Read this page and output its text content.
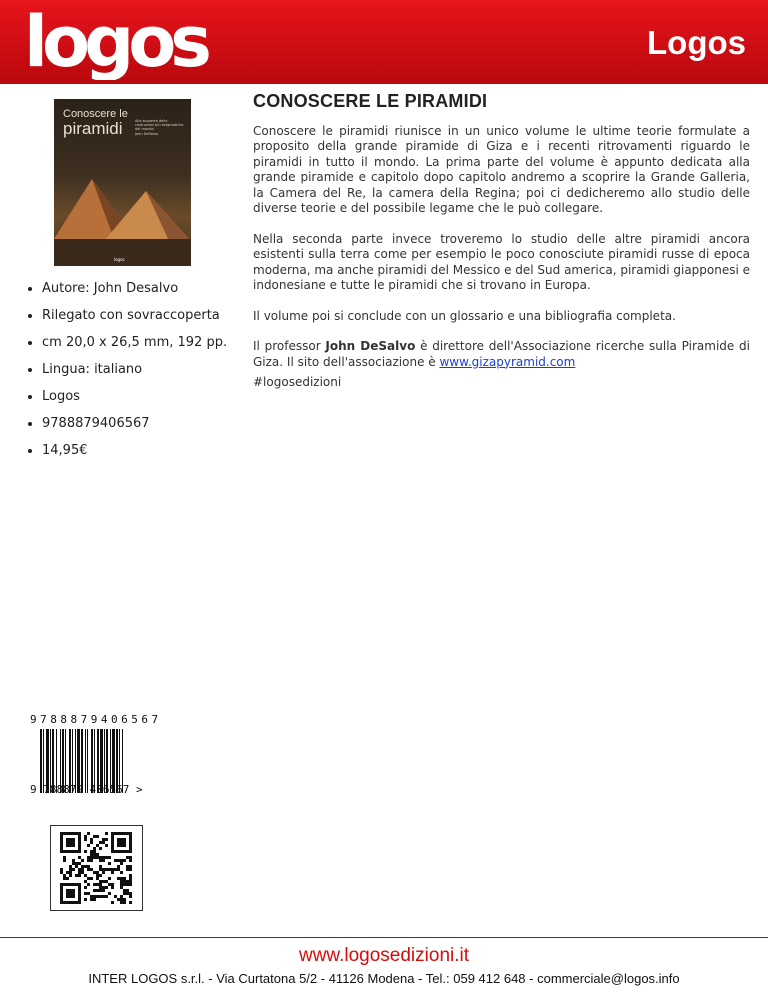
logos	Logos
Conoscere le
piramidi	Alla scoperta delle costruzioni più enigmatiche del mondo
John DeSalvo
logos
• Autore: John Desalvo
• Rilegato con sovraccoperta
• cm 20,0 x 26,5 mm, 192 pp.
• Lingua: italiano
• Logos
• 9788879406567
• 14,95€
CONOSCERE LE PIRAMIDI

Conoscere le piramidi riunisce in un unico volume le ultime teorie formulate a proposito della grande piramide di Giza e i recenti ritrovamenti riguardo le piramidi in tutto il mondo. La prima parte del volume è appunto dedicata alla grande piramide e capitolo dopo capitolo andremo a scoprire la Grande Galleria, la Camera del Re, la camera della Regina; poi ci dedicheremo allo studio delle diverse teorie e del possibile legame che le può collegare.

Nella seconda parte invece troveremo lo studio delle altre piramidi ancora esistenti sulla terra come per esempio le poco conosciute piramidi russe di epoca moderna, ma anche piramidi del Messico e del Sud america, piramidi giapponesi e indonesiane e tutte le piramidi che si trovano in Europa.

Il volume poi si conclude con un glossario e una bibliografia completa.

Il professor John DeSalvo è direttore dell'Associazione ricerche sulla Piramide di Giza. Il sito dell'associazione è www.gizapyramid.com

#logosedizioni

9788879406567
9 788879 406567 >
www.logosedizioni.it
INTER LOGOS s.r.l. - Via Curtatona 5/2 - 41126 Modena - Tel.: 059 412 648 - commerciale@logos.info
